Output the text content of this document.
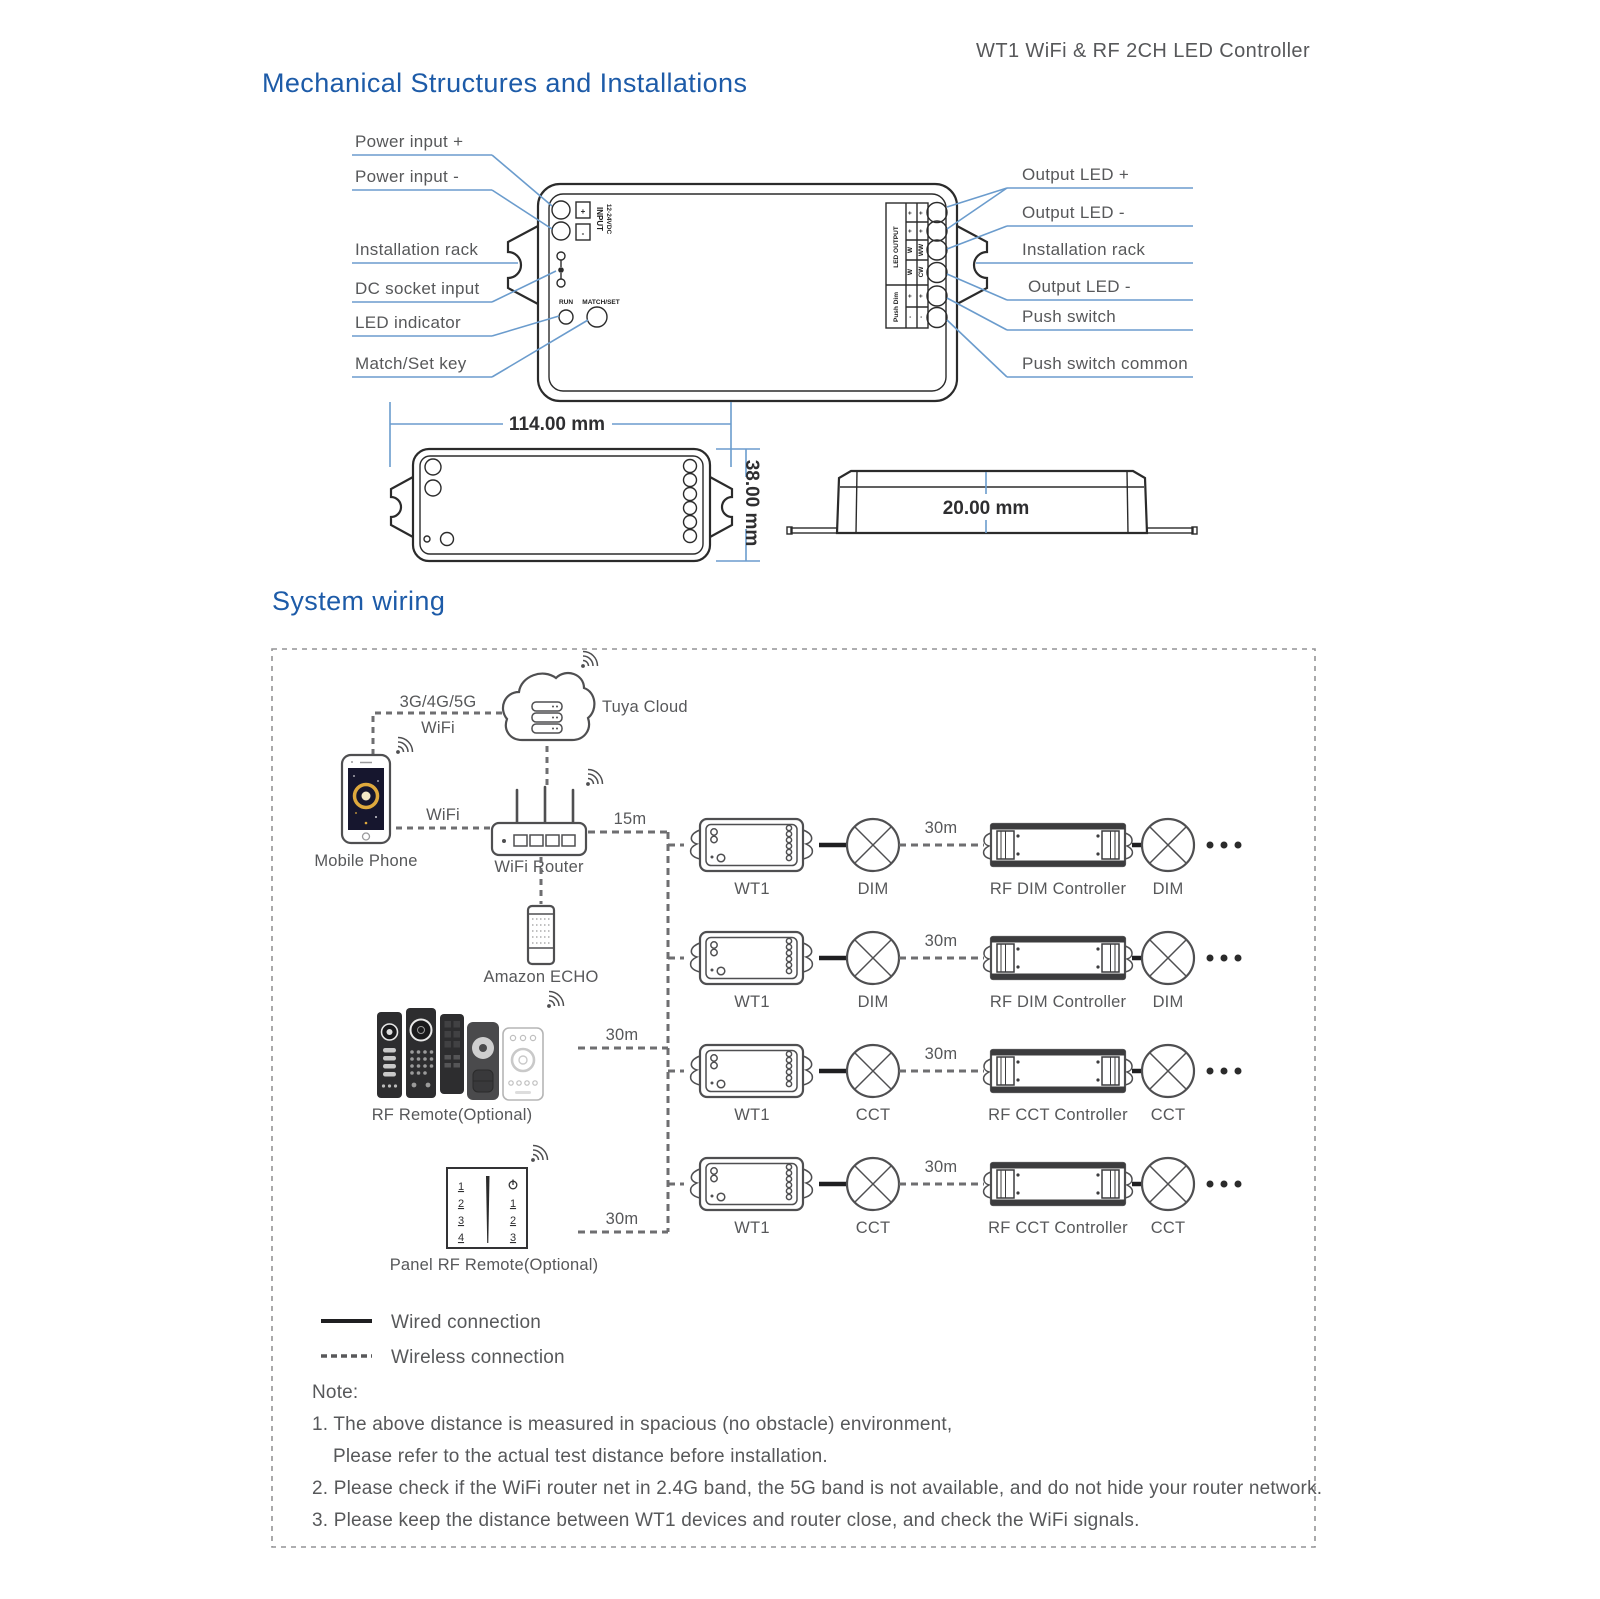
WT1 WiFi & RF 2CH LED Controller
Mechanical Structures and Installations
+
-
INPUT 12-24VDC
RUN MATCH/SET
LED OUTPUT
Push Dim
+
+
W
W
+
-
+
+
WW
CW
+
-
Power input +
Power input -
Installation rack
DC socket input
LED indicator
Match/Set key
Output LED +
Output LED -
Installation rack
Output LED -
Push switch
Push switch common
114.00 mm
38.00 mm	20.00 mm
System wiring
3G/4G/5G
WiFi
Tuya Cloud
Mobile Phone
WiFi
WiFi Router
15m
Amazon ECHO
RF Remote(Optional)
30m
1
2
3
4
1
2
3
Panel RF Remote(Optional)
30m
WT1	DIM
30m
RF DIM Controller DIM
WT1	DIM
30m
RF DIM Controller DIM
WT1	CCT
30m
RF CCT Controller CCT
WT1	CCT
30m
RF CCT Controller CCT
Wired connection
Wireless connection
Note:
1. The above distance is measured in spacious (no obstacle) environment,
Please refer to the actual test distance before installation.
2. Please check if the WiFi router net in 2.4G band, the 5G band is not available, and do not hide your router network.
3. Please keep the distance between WT1 devices and router close, and check the WiFi signals.
